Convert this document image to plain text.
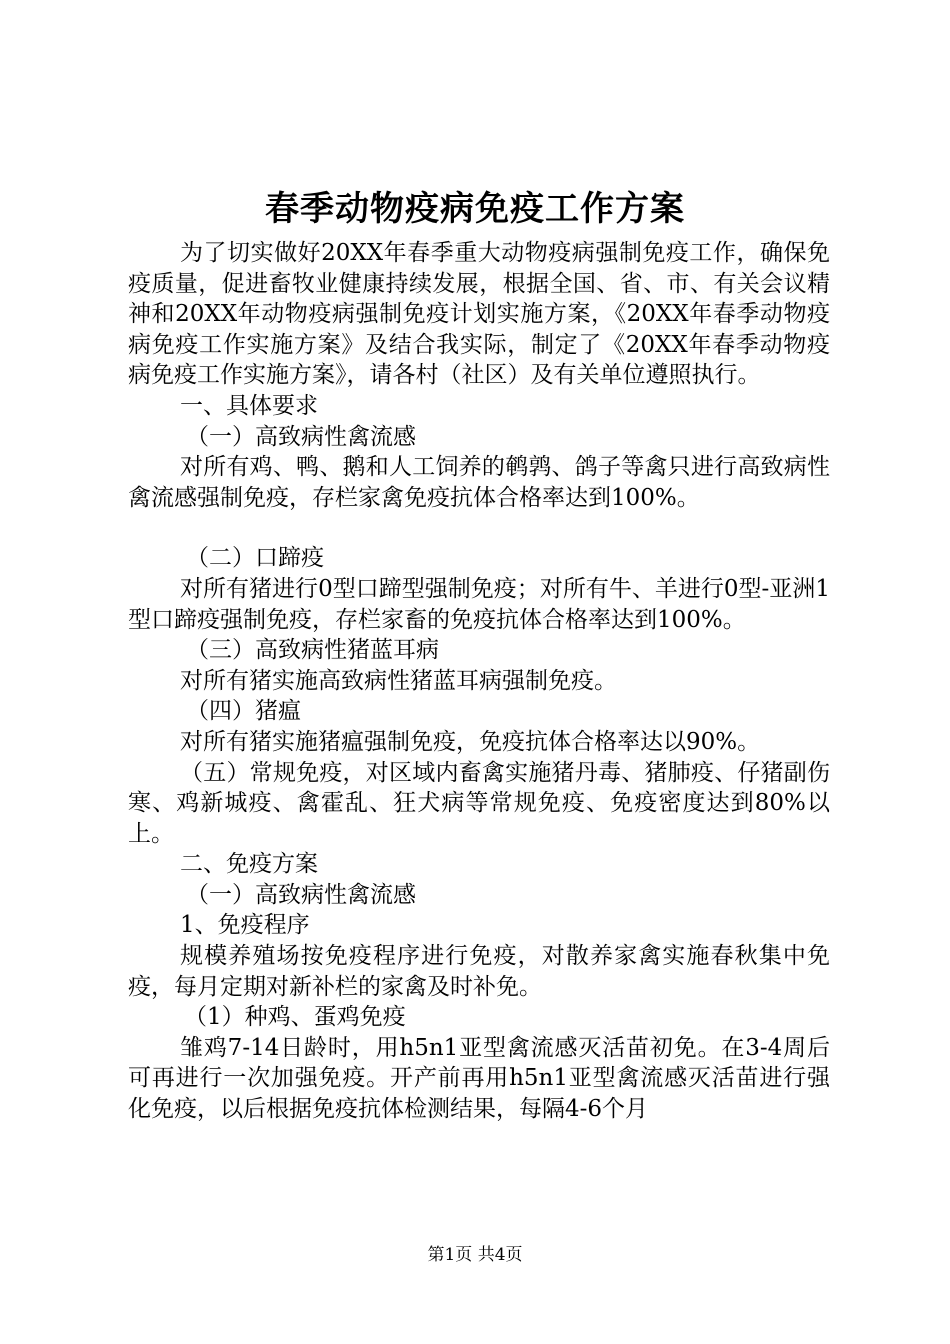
春季动物疫病免疫工作方案

为了切实做好20XX年春季重大动物疫病强制免疫工作，确保免疫质量，促进畜牧业健康持续发展，根据全国、省、市、有关会议精神和20XX年动物疫病强制免疫计划实施方案，《20XX年春季动物疫病免疫工作实施方案》及结合我实际，制定了《20XX年春季动物疫病免疫工作实施方案》，请各村（社区）及有关单位遵照执行。

一、具体要求

（一）高致病性禽流感

对所有鸡、鸭、鹅和人工饲养的鹌鹑、鸽子等禽只进行高致病性禽流感强制免疫，存栏家禽免疫抗体合格率达到100%。

（二）口蹄疫

对所有猪进行0型口蹄型强制免疫；对所有牛、羊进行0型-亚洲1型口蹄疫强制免疫，存栏家畜的免疫抗体合格率达到100%。

（三）高致病性猪蓝耳病

对所有猪实施高致病性猪蓝耳病强制免疫。

（四）猪瘟

对所有猪实施猪瘟强制免疫，免疫抗体合格率达以90%。

（五）常规免疫，对区域内畜禽实施猪丹毒、猪肺疫、仔猪副伤寒、鸡新城疫、禽霍乱、狂犬病等常规免疫、免疫密度达到80%以上。

二、免疫方案

（一）高致病性禽流感

1、免疫程序

规模养殖场按免疫程序进行免疫，对散养家禽实施春秋集中免疫，每月定期对新补栏的家禽及时补免。

（1）种鸡、蛋鸡免疫

雏鸡7-14日龄时，用h5n1亚型禽流感灭活苗初免。在3-4周后可再进行一次加强免疫。开产前再用h5n1亚型禽流感灭活苗进行强化免疫，以后根据免疫抗体检测结果，每隔4-6个月

第1页 共4页
